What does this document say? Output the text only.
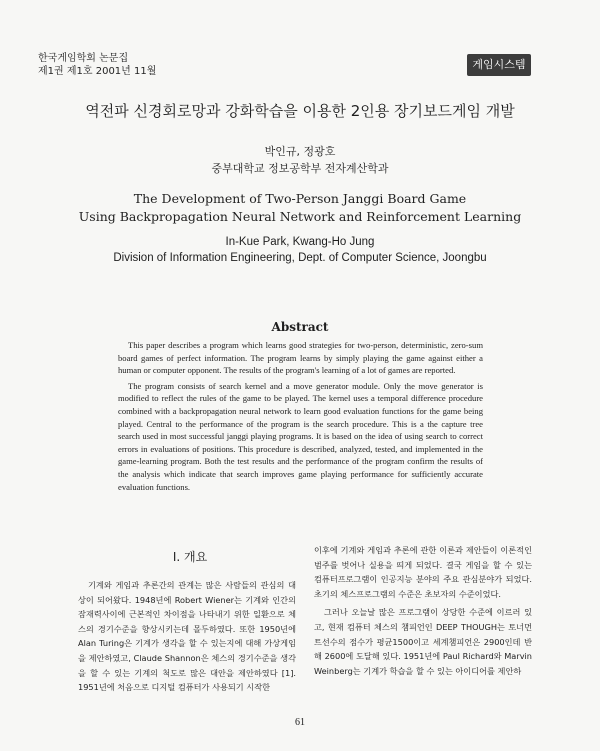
한국게임학회 논문집
제1권 제1호 2001년 11월
게임시스템
역전파 신경회로망과 강화학습을 이용한 2인용 장기보드게임 개발
박인규, 정광호
중부대학교 정보공학부 전자계산학과
The Development of Two-Person Janggi Board Game
Using Backpropagation Neural Network and Reinforcement Learning
In-Kue Park, Kwang-Ho Jung
Division of Information Engineering, Dept. of Computer Science, Joongbu
Abstract

This paper describes a program which learns good strategies for two-person, deterministic, zero-sum board games of perfect information. The program learns by simply playing the game against either a human or computer opponent. The results of the program's learning of a lot of games are reported.

The program consists of search kernel and a move generator module. Only the move generator is modified to reflect the rules of the game to be played. The kernel uses a temporal difference procedure combined with a backpropagation neural network to learn good evaluation functions for the game being played. Central to the performance of the program is the search procedure. This is a the capture tree search used in most successful janggi playing programs. It is based on the idea of using search to correct errors in evaluations of positions. This procedure is described, analyzed, tested, and implemented in the game-learning program. Both the test results and the performance of the program confirm the results of the analysis which indicate that search improves game playing performance for sufficiently accurate evaluation functions.

Ⅰ. 개요

기계와 게임과 추론간의 관계는 많은 사람들의 관심의 대상이 되어왔다. 1948년에 Robert Wiener는 기계와 인간의 잠재력사이에 근본적인 차이점을 나타내기 위한 일환으로 체스의 경기수준을 향상시키는데 몰두하였다. 또한 1950년에 Alan Turing은 기계가 생각을 할 수 있는지에 대해 가상게임을 제안하였고, Claude Shannon은 체스의 경기수준을 생각을 할 수 있는 기계의 척도로 많은 대안을 제안하였다 [1]. 1951년에 처음으로 디지털 컴퓨터가 사용되기 시작한

이후에 기계와 게임과 추론에 관한 이론과 제안들이 이론적인 범주를 벗어나 실용을 띄게 되었다. 결국 게임을 할 수 있는 컴퓨터프로그램이 인공지능 분야의 주요 관심분야가 되었다. 초기의 체스프로그램의 수준은 초보자의 수준이었다.

그러나 오늘날 많은 프로그램이 상당한 수준에 이르러 있고, 현재 컴퓨터 체스의 챔피언인 DEEP THOUGH는 토너먼트선수의 점수가 평균1500이고 세계챔피언은 2900인데 반해 2600에 도달해 있다. 1951년에 Paul Richard와 Marvin Weinberg는 기계가 학습을 할 수 있는 아이디어를 제안하

61
